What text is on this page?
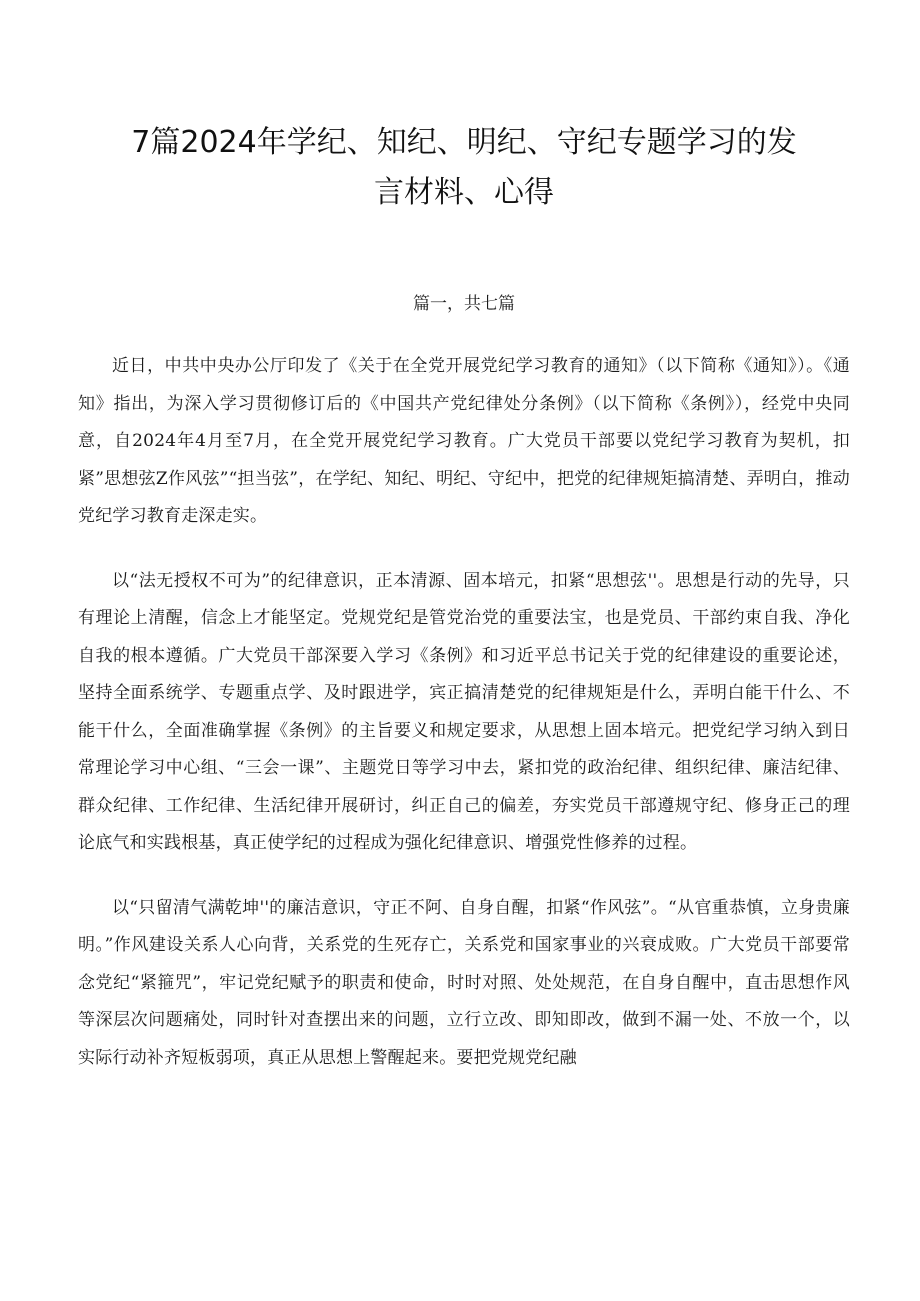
7篇2024年学纪、知纪、明纪、守纪专题学习的发
言材料、心得
篇一，共七篇

近日，中共中央办公厅印发了《关于在全党开展党纪学习教育的通知》（以下简称《通知》）。《通知》指出，为深入学习贯彻修订后的《中国共产党纪律处分条例》（以下简称《条例》），经党中央同意，自2024年4月至7月，在全党开展党纪学习教育。广大党员干部要以党纪学习教育为契机，扣紧”思想弦Z作风弦”“担当弦”，在学纪、知纪、明纪、守纪中，把党的纪律规矩搞清楚、弄明白，推动党纪学习教育走深走实。

以“法无授权不可为”的纪律意识，正本清源、固本培元，扣紧“思想弦''。思想是行动的先导，只有理论上清醒，信念上才能坚定。党规党纪是管党治党的重要法宝，也是党员、干部约束自我、净化自我的根本遵循。广大党员干部深要入学习《条例》和习近平总书记关于党的纪律建设的重要论述，坚持全面系统学、专题重点学、及时跟进学，宾正搞清楚党的纪律规矩是什么，弄明白能干什么、不能干什么，全面准确掌握《条例》的主旨要义和规定要求，从思想上固本培元。把党纪学习纳入到日常理论学习中心组、“三会一课”、主题党日等学习中去，紧扣党的政治纪律、组织纪律、廉洁纪律、群众纪律、工作纪律、生活纪律开展研讨，纠正自己的偏差，夯实党员干部遵规守纪、修身正己的理论底气和实践根基，真正使学纪的过程成为强化纪律意识、增强党性修养的过程。

以“只留清气满乾坤''的廉洁意识，守正不阿、自身自醒，扣紧“作风弦”。“从官重恭慎，立身贵廉明。”作风建设关系人心向背，关系党的生死存亡，关系党和国家事业的兴衰成败。广大党员干部要常念党纪“紧箍咒”，牢记党纪赋予的职责和使命，时时对照、处处规范，在自身自醒中，直击思想作风等深层次问题痛处，同时针对查摆出来的问题，立行立改、即知即改，做到不漏一处、不放一个，以实际行动补齐短板弱项，真正从思想上警醒起来。要把党规党纪融
